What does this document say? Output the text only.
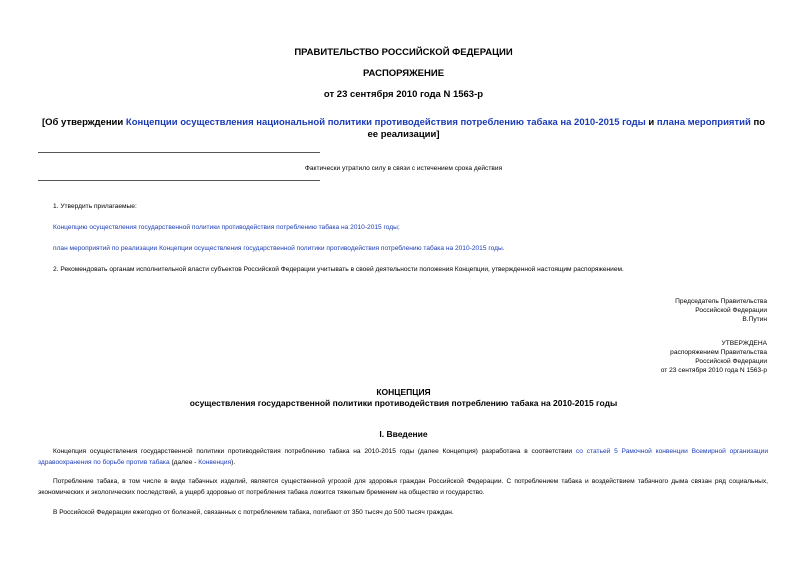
ПРАВИТЕЛЬСТВО РОССИЙСКОЙ ФЕДЕРАЦИИ
РАСПОРЯЖЕНИЕ
от 23 сентября 2010 года N 1563-р
[Об утверждении Концепции осуществления национальной политики противодействия потреблению табака на 2010-2015 годы и плана мероприятий по ее реализации]
Фактически утратило силу в связи с истечением срока действия
1. Утвердить прилагаемые:
Концепцию осуществления государственной политики противодействия потреблению табака на 2010-2015 годы;
план мероприятий по реализации Концепции осуществления государственной политики противодействия потреблению табака на 2010-2015 годы.
2. Рекомендовать органам исполнительной власти субъектов Российской Федерации учитывать в своей деятельности положения Концепции, утвержденной настоящим распоряжением.
Председатель Правительства
Российской Федерации
В.Путин
УТВЕРЖДЕНА
распоряжением Правительства
Российской Федерации
от 23 сентября 2010 года N 1563-р
КОНЦЕПЦИЯ
осуществления государственной политики противодействия потреблению табака на 2010-2015 годы
I. Введение
Концепция осуществления государственной политики противодействия потреблению табака на 2010-2015 годы (далее Концепция) разработана в соответствии со статьей 5 Рамочной конвенции Всемирной организации здравоохранения по борьбе против табака (далее - Конвенция).
Потребление табака, в том числе в виде табачных изделий, является существенной угрозой для здоровья граждан Российской Федерации. С потреблением табака и воздействием табачного дыма связан ряд социальных, экономических и экологических последствий, а ущерб здоровью от потребления табака ложится тяжелым бременем на общество и государство.
В Российской Федерации ежегодно от болезней, связанных с потреблением табака, погибают от 350 тысяч до 500 тысяч граждан.
